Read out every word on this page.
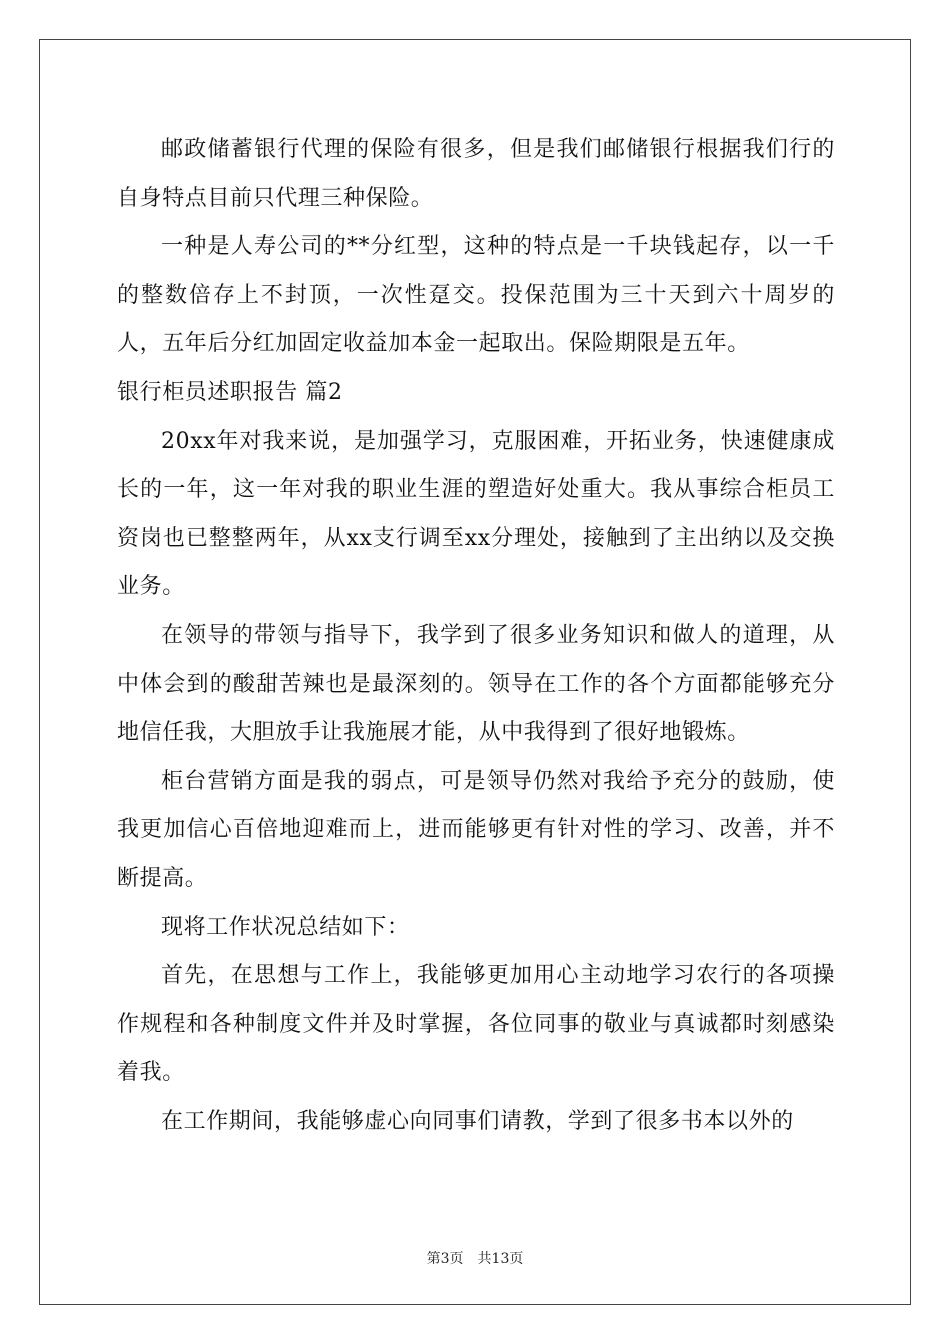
邮政储蓄银行代理的保险有很多，但是我们邮储银行根据我们行的自身特点目前只代理三种保险。

一种是人寿公司的**分红型，这种的特点是一千块钱起存，以一千的整数倍存上不封顶，一次性趸交。投保范围为三十天到六十周岁的人，五年后分红加固定收益加本金一起取出。保险期限是五年。

银行柜员述职报告 篇2

20xx年对我来说，是加强学习，克服困难，开拓业务，快速健康成长的一年，这一年对我的职业生涯的塑造好处重大。我从事综合柜员工资岗也已整整两年，从xx支行调至xx分理处，接触到了主出纳以及交换业务。

在领导的带领与指导下，我学到了很多业务知识和做人的道理，从中体会到的酸甜苦辣也是最深刻的。领导在工作的各个方面都能够充分地信任我，大胆放手让我施展才能，从中我得到了很好地锻炼。

柜台营销方面是我的弱点，可是领导仍然对我给予充分的鼓励，使我更加信心百倍地迎难而上，进而能够更有针对性的学习、改善，并不断提高。

现将工作状况总结如下：

首先，在思想与工作上，我能够更加用心主动地学习农行的各项操作规程和各种制度文件并及时掌握，各位同事的敬业与真诚都时刻感染着我。

在工作期间，我能够虚心向同事们请教，学到了很多书本以外的

第3页　共13页
